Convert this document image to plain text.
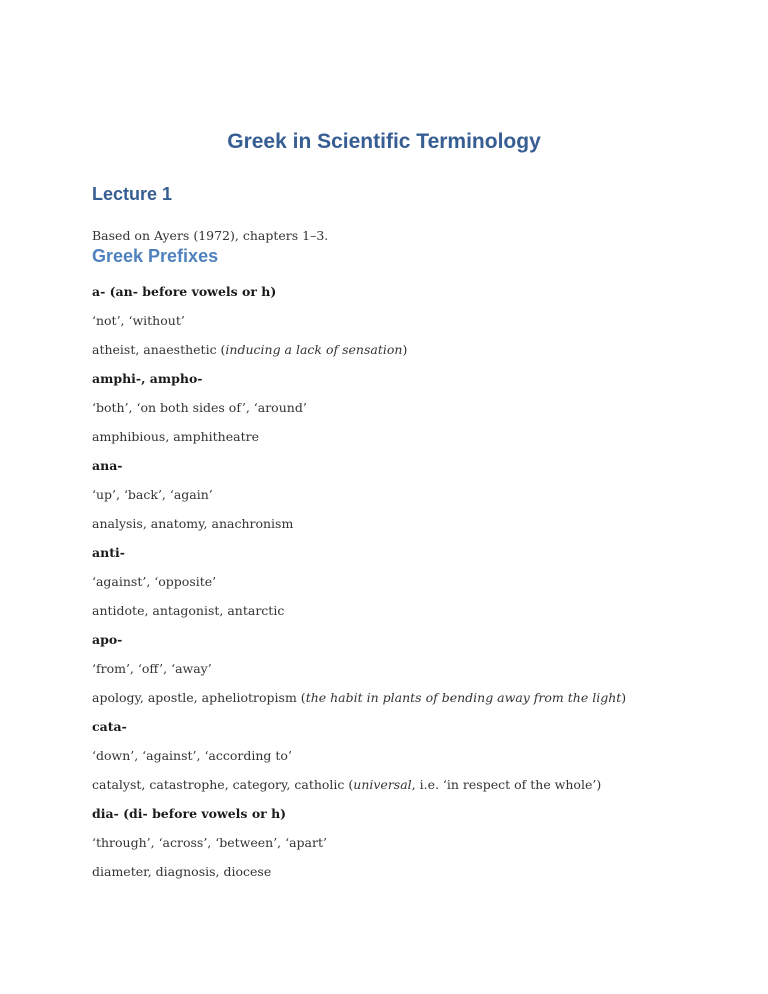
Greek in Scientific Terminology
Lecture 1
Based on Ayers (1972), chapters 1–3.
Greek Prefixes
a- (an- before vowels or h)
‘not’, ‘without’
atheist, anaesthetic (inducing a lack of sensation)
amphi-, ampho-
‘both’, ‘on both sides of’, ‘around’
amphibious, amphitheatre
ana-
‘up’, ‘back’, ‘again’
analysis, anatomy, anachronism
anti-
‘against’, ‘opposite’
antidote, antagonist, antarctic
apo-
‘from’, ‘off’, ‘away’
apology, apostle, apheliotropism (the habit in plants of bending away from the light)
cata-
‘down’, ‘against’, ‘according to’
catalyst, catastrophe, category, catholic (universal, i.e. ‘in respect of the whole’)
dia- (di- before vowels or h)
‘through’, ‘across’, ‘between’, ‘apart’
diameter, diagnosis, diocese
